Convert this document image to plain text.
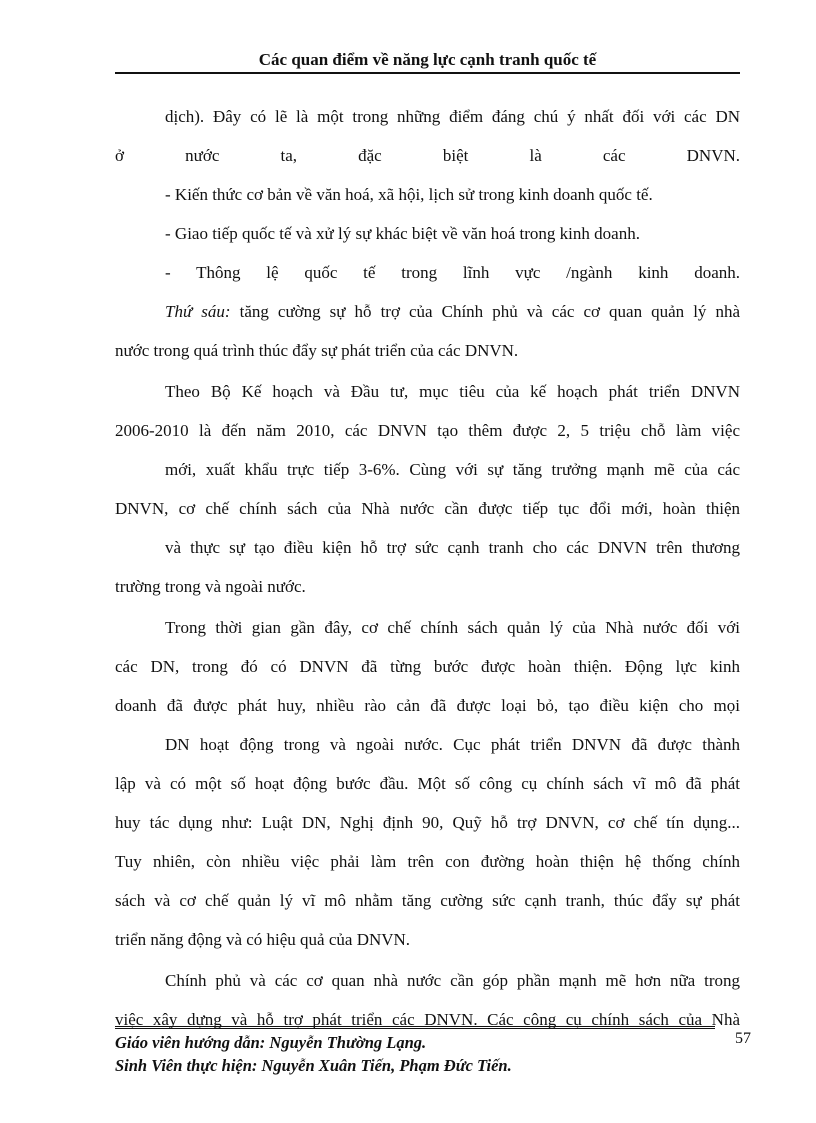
Các quan điểm về năng lực cạnh tranh quốc tế
dịch). Đây có lẽ là một trong những điểm đáng chú ý nhất đối với các DN
ở nước ta, đặc biệt là các DNVN.
- Kiến thức cơ bản về văn hoá, xã hội, lịch sử trong kinh doanh quốc tế.
- Giao tiếp quốc tế và xử lý sự khác biệt về văn hoá trong kinh doanh.
- Thông lệ quốc tế trong lĩnh vực /ngành kinh doanh.
Thứ sáu: tăng cường sự hỗ trợ của Chính phủ và các cơ quan quản lý nhà
nước trong quá trình thúc đẩy sự phát triển của các DNVN.
Theo Bộ Kế hoạch và Đầu tư, mục tiêu của kế hoạch phát triển DNVN
2006-2010 là đến năm 2010, các DNVN tạo thêm được 2, 5 triệu chỗ làm việc
mới, xuất khẩu trực tiếp 3-6%. Cùng với sự tăng trưởng mạnh mẽ của các
DNVN, cơ chế chính sách của Nhà nước cần được tiếp tục đổi mới, hoàn thiện
và thực sự tạo điều kiện hỗ trợ sức cạnh tranh cho các DNVN trên thương
trường trong và ngoài nước.
Trong thời gian gần đây, cơ chế chính sách quản lý của Nhà nước đối với
các DN, trong đó có DNVN đã từng bước được hoàn thiện. Động lực kinh
doanh đã được phát huy, nhiều rào cản đã được loại bỏ, tạo điều kiện cho mọi
DN hoạt động trong và ngoài nước. Cục phát triển DNVN đã được thành
lập và có một số hoạt động bước đầu. Một số công cụ chính sách vĩ mô đã phát
huy tác dụng như: Luật DN, Nghị định 90, Quỹ hỗ trợ DNVN, cơ chế tín dụng...
Tuy nhiên, còn nhiều việc phải làm trên con đường hoàn thiện hệ thống chính
sách và cơ chế quản lý vĩ mô nhằm tăng cường sức cạnh tranh, thúc đẩy sự phát
triển năng động và có hiệu quả của DNVN.
Chính phủ và các cơ quan nhà nước cần góp phần mạnh mẽ hơn nữa trong
việc xây dựng và hỗ trợ phát triển các DNVN. Các công cụ chính sách của Nhà
57
Giáo viên hướng dẫn: Nguyễn Thường Lạng.
Sinh Viên thực hiện: Nguyễn Xuân Tiến, Phạm Đức Tiến.
